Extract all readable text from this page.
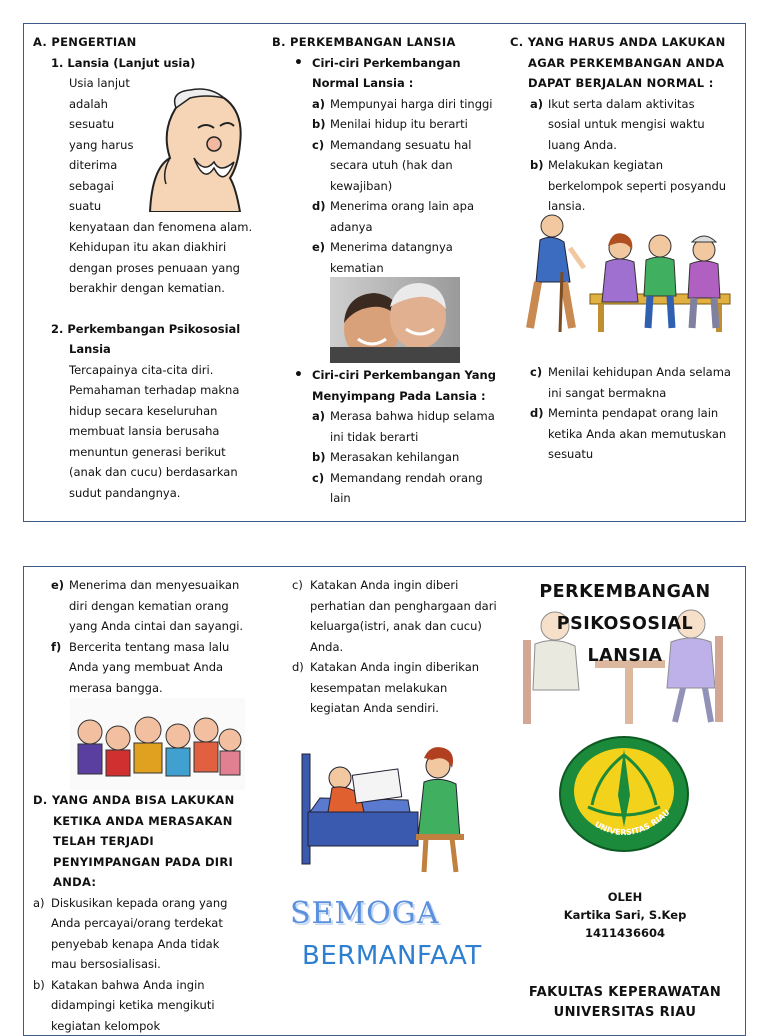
A. PENGERTIAN
1. Lansia (Lanjut usia)
Usia lanjut
adalah
sesuatu
yang harus
diterima
sebagai
suatu
kenyataan dan fenomena alam.
Kehidupan itu akan diakhiri
dengan proses penuaan yang
berakhir dengan kematian.
2. Perkembangan Psikososial
Lansia
Tercapainya cita-cita diri.
Pemahaman terhadap makna
hidup secara keseluruhan
membuat lansia berusaha
menuntun generasi berikut
(anak dan cucu) berdasarkan
sudut pandangnya.
B. PERKEMBANGAN LANSIA
• Ciri-ciri Perkembangan
Normal Lansia :
a) Mempunyai harga diri tinggi
b) Menilai hidup itu berarti
c) Memandang sesuatu hal
secara utuh (hak dan
kewajiban)
d) Menerima orang lain apa
adanya
e) Menerima datangnya
kematian
• Ciri-ciri Perkembangan Yang
Menyimpang Pada Lansia :
a) Merasa bahwa hidup selama
ini tidak berarti
b) Merasakan kehilangan
c) Memandang rendah orang
lain
C. YANG HARUS ANDA LAKUKAN
AGAR PERKEMBANGAN ANDA
DAPAT BERJALAN NORMAL :
a) Ikut serta dalam aktivitas
sosial untuk mengisi waktu
luang Anda.
b) Melakukan kegiatan
berkelompok seperti posyandu
lansia.
c) Menilai kehidupan Anda selama
ini sangat bermakna
d) Meminta pendapat orang lain
ketika Anda akan memutuskan
sesuatu
e) Menerima dan menyesuaikan
diri dengan kematian orang
yang Anda cintai dan sayangi.
f) Bercerita tentang masa lalu
Anda yang membuat Anda
merasa bangga.
D. YANG ANDA BISA LAKUKAN
KETIKA ANDA MERASAKAN
TELAH TERJADI
PENYIMPANGAN PADA DIRI
ANDA:
a) Diskusikan kepada orang yang
Anda percayai/orang terdekat
penyebab kenapa Anda tidak
mau bersosialisasi.
b) Katakan bahwa Anda ingin
didampingi ketika mengikuti
kegiatan kelompok
c) Katakan Anda ingin diberi
perhatian dan penghargaan dari
keluarga(istri, anak dan cucu)
Anda.
d) Katakan Anda ingin diberikan
kesempatan melakukan
kegiatan Anda sendiri.
SEMOGA
BERMANFAAT
PERKEMBANGAN
PSIKOSOSIAL
LANSIA
UNIVERSITAS RIAU
OLEH
Kartika Sari, S.Kep
1411436604
FAKULTAS KEPERAWATAN
UNIVERSITAS RIAU
